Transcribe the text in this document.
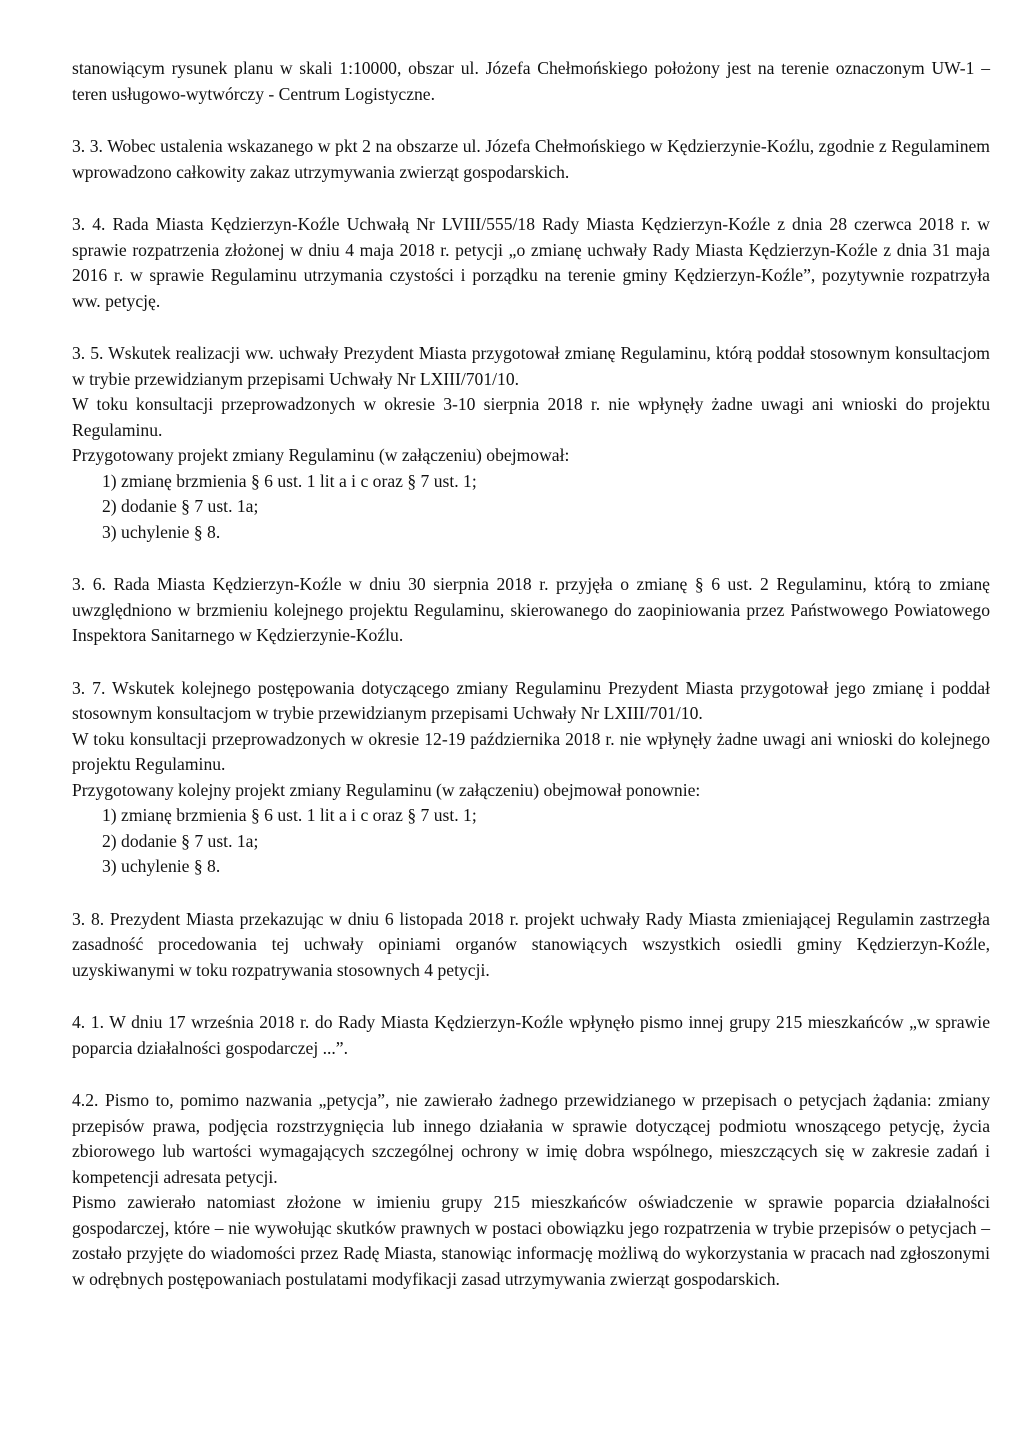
stanowiącym rysunek planu w skali 1:10000, obszar ul. Józefa Chełmońskiego położony jest na terenie oznaczonym UW-1 – teren usługowo-wytwórczy - Centrum Logistyczne.

3. 3. Wobec ustalenia wskazanego w pkt 2 na obszarze ul. Józefa Chełmońskiego w Kędzierzynie-Koźlu, zgodnie z Regulaminem wprowadzono całkowity zakaz utrzymywania zwierząt gospodarskich.

3. 4. Rada Miasta Kędzierzyn-Koźle Uchwałą Nr LVIII/555/18 Rady Miasta Kędzierzyn-Koźle z dnia 28 czerwca 2018 r. w sprawie rozpatrzenia złożonej w dniu 4 maja 2018 r. petycji „o zmianę uchwały Rady Miasta Kędzierzyn-Koźle z dnia 31 maja 2016 r. w sprawie Regulaminu utrzymania czystości i porządku na terenie gminy Kędzierzyn-Koźle”, pozytywnie rozpatrzyła ww. petycję.

3. 5. Wskutek realizacji ww. uchwały Prezydent Miasta przygotował zmianę Regulaminu, którą poddał stosownym konsultacjom w trybie przewidzianym przepisami Uchwały Nr LXIII/701/10.
W toku konsultacji przeprowadzonych w okresie 3-10 sierpnia 2018 r. nie wpłynęły żadne uwagi ani wnioski do projektu Regulaminu.
Przygotowany projekt zmiany Regulaminu (w załączeniu) obejmował:
1) zmianę brzmienia § 6 ust. 1 lit a i c oraz § 7 ust. 1;
2) dodanie § 7 ust. 1a;
3) uchylenie § 8.

3. 6. Rada Miasta Kędzierzyn-Koźle w dniu 30 sierpnia 2018 r. przyjęła o zmianę § 6 ust. 2 Regulaminu, którą to zmianę uwzględniono w brzmieniu kolejnego projektu Regulaminu, skierowanego do zaopiniowania przez Państwowego Powiatowego Inspektora Sanitarnego w Kędzierzynie-Koźlu.

3. 7. Wskutek kolejnego postępowania dotyczącego zmiany Regulaminu Prezydent Miasta przygotował jego zmianę i poddał stosownym konsultacjom w trybie przewidzianym przepisami Uchwały Nr LXIII/701/10.
W toku konsultacji przeprowadzonych w okresie 12-19 października 2018 r. nie wpłynęły żadne uwagi ani wnioski do kolejnego projektu Regulaminu.
Przygotowany kolejny projekt zmiany Regulaminu (w załączeniu) obejmował ponownie:
1) zmianę brzmienia § 6 ust. 1 lit a i c oraz § 7 ust. 1;
2) dodanie § 7 ust. 1a;
3) uchylenie § 8.

3. 8. Prezydent Miasta przekazując w dniu 6 listopada 2018 r. projekt uchwały Rady Miasta zmieniającej Regulamin zastrzegła zasadność procedowania tej uchwały opiniami organów stanowiących wszystkich osiedli gminy Kędzierzyn-Koźle, uzyskiwanymi w toku rozpatrywania stosownych 4 petycji.

4. 1. W dniu 17 września 2018 r. do Rady Miasta Kędzierzyn-Koźle wpłynęło pismo innej grupy 215 mieszkańców „w sprawie poparcia działalności gospodarczej ...”.

4.2. Pismo to, pomimo nazwania „petycja”, nie zawierało żadnego przewidzianego w przepisach o petycjach żądania: zmiany przepisów prawa, podjęcia rozstrzygnięcia lub innego działania w sprawie dotyczącej podmiotu wnoszącego petycję, życia zbiorowego lub wartości wymagających szczególnej ochrony w imię dobra wspólnego, mieszczących się w zakresie zadań i kompetencji adresata petycji.
Pismo zawierało natomiast złożone w imieniu grupy 215 mieszkańców oświadczenie w sprawie poparcia działalności gospodarczej, które – nie wywołując skutków prawnych w postaci obowiązku jego rozpatrzenia w trybie przepisów o petycjach – zostało przyjęte do wiadomości przez Radę Miasta, stanowiąc informację możliwą do wykorzystania w pracach nad zgłoszonymi w odrębnych postępowaniach postulatami modyfikacji zasad utrzymywania zwierząt gospodarskich.
